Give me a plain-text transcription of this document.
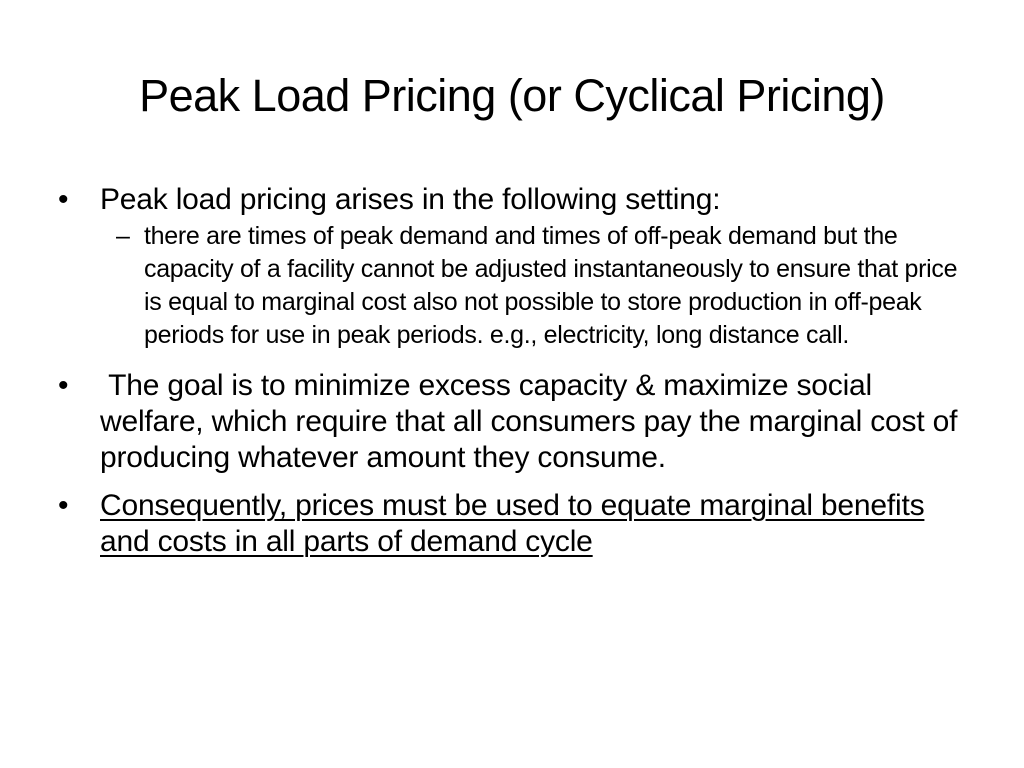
Peak Load Pricing (or Cyclical Pricing)
•	Peak load pricing arises in the following setting:
– there are times of peak demand and times of off-peak demand but the capacity of a facility cannot be adjusted instantaneously to ensure that price is equal to marginal cost also not possible to store production in off-peak periods for use in peak periods. e.g., electricity, long distance call.
•	The goal is to minimize excess capacity & maximize social welfare, which require that all consumers pay the marginal cost of producing whatever amount they consume.
•	Consequently, prices must be used to equate marginal benefits and costs in all parts of demand cycle
